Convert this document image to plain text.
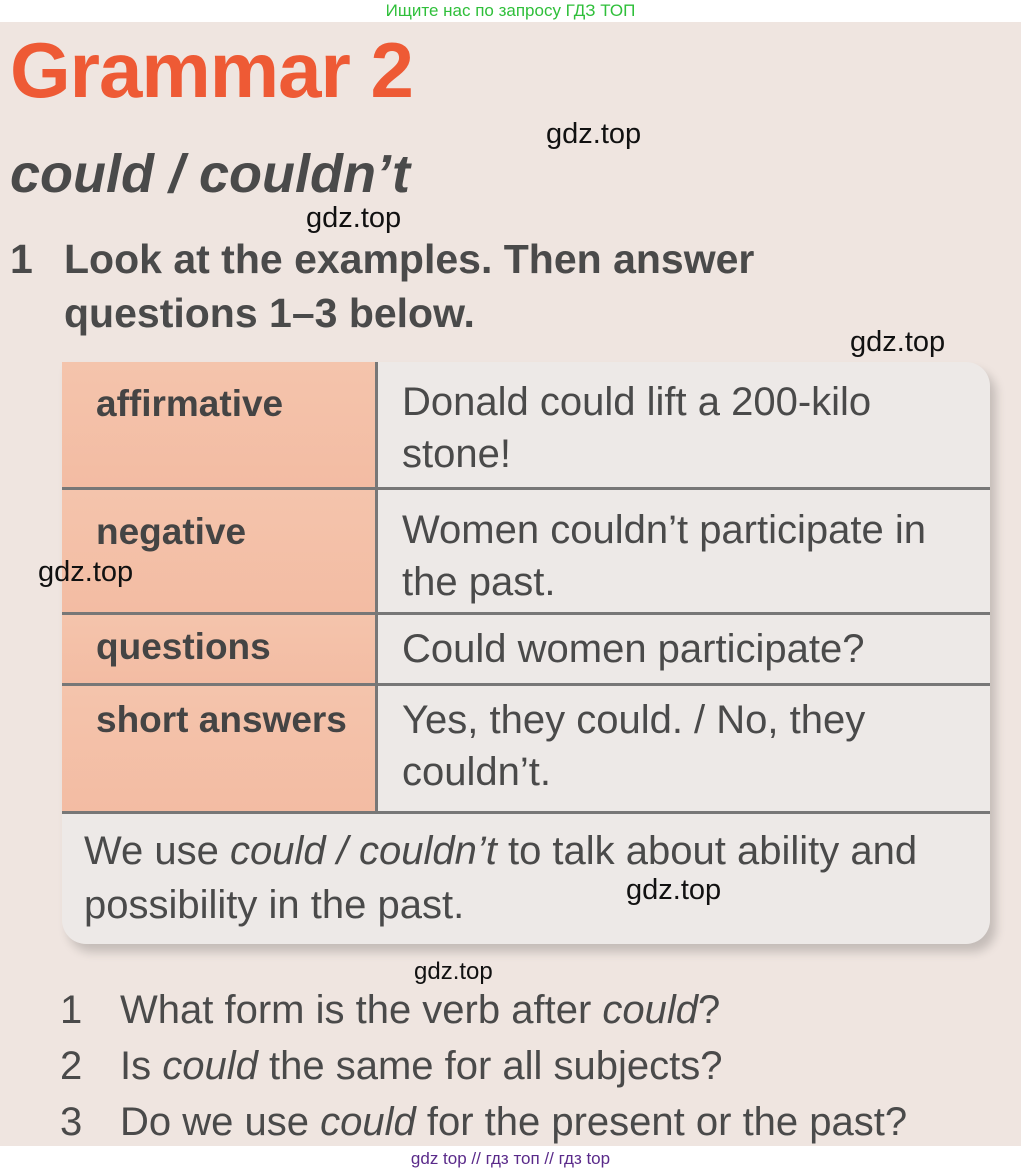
Ищите нас по запросу ГДЗ ТОП
Grammar 2
could / couldn’t
1 Look at the examples. Then answer questions 1–3 below.
affirmative	Donald could lift a 200-kilo stone!
negative	Women couldn’t participate in the past.
questions	Could women participate?
short answers	Yes, they could. / No, they couldn’t.
We use could / couldn’t to talk about ability and possibility in the past.
1 What form is the verb after could?
2 Is could the same for all subjects?
3 Do we use could for the present or the past?
gdz.top
gdz.top
gdz.top
gdz.top
gdz.top
gdz.top
gdz top // гдз топ // гдз top
